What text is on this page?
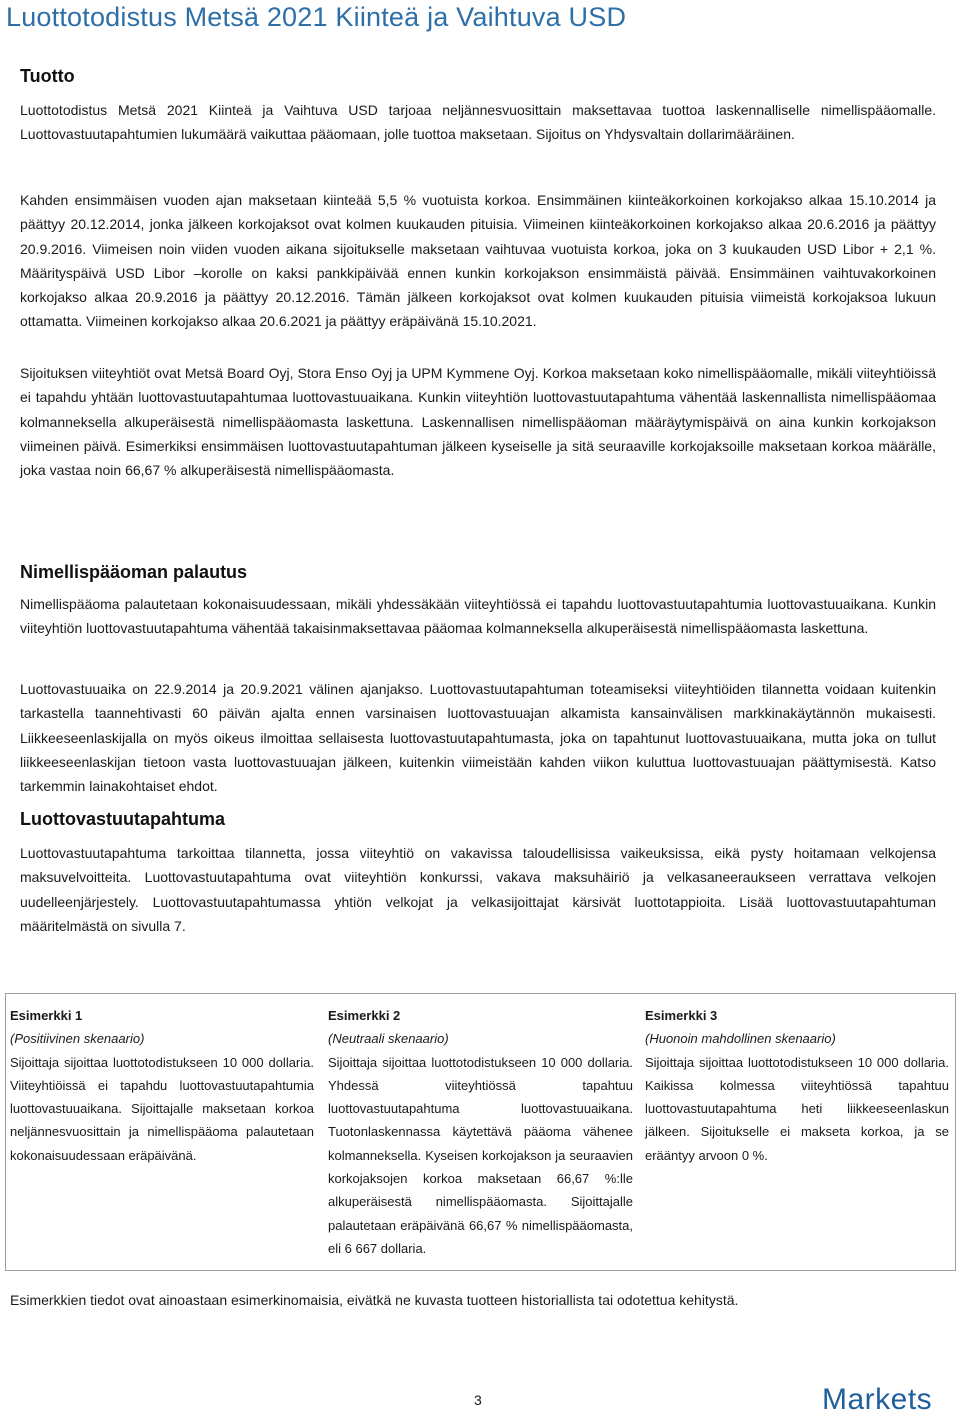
Luottotodistus Metsä 2021 Kiinteä ja Vaihtuva USD
Tuotto

Luottotodistus Metsä 2021 Kiinteä ja Vaihtuva USD tarjoaa neljännesvuosittain maksettavaa tuottoa laskennalliselle nimellispääomalle. Luottovastuutapahtumien lukumäärä vaikuttaa pääomaan, jolle tuottoa maksetaan. Sijoitus on Yhdysvaltain dollarimääräinen.

Kahden ensimmäisen vuoden ajan maksetaan kiinteää 5,5 % vuotuista korkoa. Ensimmäinen kiinteäkorkoinen korkojakso alkaa 15.10.2014 ja päättyy 20.12.2014, jonka jälkeen korkojaksot ovat kolmen kuukauden pituisia. Viimeinen kiinteäkorkoinen korkojakso alkaa 20.6.2016 ja päättyy 20.9.2016. Viimeisen noin viiden vuoden aikana sijoitukselle maksetaan vaihtuvaa vuotuista korkoa, joka on 3 kuukauden USD Libor + 2,1 %. Määrityspäivä USD Libor –korolle on kaksi pankkipäivää ennen kunkin korkojakson ensimmäistä päivää. Ensimmäinen vaihtuvakorkoinen korkojakso alkaa 20.9.2016 ja päättyy 20.12.2016. Tämän jälkeen korkojaksot ovat kolmen kuukauden pituisia viimeistä korkojaksoa lukuun ottamatta. Viimeinen korkojakso alkaa 20.6.2021 ja päättyy eräpäivänä 15.10.2021.

Sijoituksen viiteyhtiöt ovat Metsä Board Oyj, Stora Enso Oyj ja UPM Kymmene Oyj. Korkoa maksetaan koko nimellispääomalle, mikäli viiteyhtiöissä ei tapahdu yhtään luottovastuutapahtumaa luottovastuuaikana. Kunkin viiteyhtiön luottovastuutapahtuma vähentää laskennallista nimellispääomaa kolmanneksella alkuperäisestä nimellispääomasta laskettuna. Laskennallisen nimellispääoman määräytymispäivä on aina kunkin korkojakson viimeinen päivä. Esimerkiksi ensimmäisen luottovastuutapahtuman jälkeen kyseiselle ja sitä seuraaville korkojaksoille maksetaan korkoa määrälle, joka vastaa noin 66,67 % alkuperäisestä nimellispääomasta.

Nimellispääoman palautus

Nimellispääoma palautetaan kokonaisuudessaan, mikäli yhdessäkään viiteyhtiössä ei tapahdu luottovastuutapahtumia luottovastuuaikana. Kunkin viiteyhtiön luottovastuutapahtuma vähentää takaisinmaksettavaa pääomaa kolmanneksella alkuperäisestä nimellispääomasta laskettuna.

Luottovastuuaika on 22.9.2014 ja 20.9.2021 välinen ajanjakso. Luottovastuutapahtuman toteamiseksi viiteyhtiöiden tilannetta voidaan kuitenkin tarkastella taannehtivasti 60 päivän ajalta ennen varsinaisen luottovastuuajan alkamista kansainvälisen markkinakäytännön mukaisesti. Liikkeeseenlaskijalla on myös oikeus ilmoittaa sellaisesta luottovastuutapahtumasta, joka on tapahtunut luottovastuuaikana, mutta joka on tullut liikkeeseenlaskijan tietoon vasta luottovastuuajan jälkeen, kuitenkin viimeistään kahden viikon kuluttua luottovastuuajan päättymisestä. Katso tarkemmin lainakohtaiset ehdot.

Luottovastuutapahtuma

Luottovastuutapahtuma tarkoittaa tilannetta, jossa viiteyhtiö on vakavissa taloudellisissa vaikeuksissa, eikä pysty hoitamaan velkojensa maksuvelvoitteita. Luottovastuutapahtuma ovat viiteyhtiön konkurssi, vakava maksuhäiriö ja velkasaneeraukseen verrattava velkojen uudelleenjärjestely. Luottovastuutapahtumassa yhtiön velkojat ja velkasijoittajat kärsivät luottotappioita. Lisää luottovastuutapahtuman määritelmästä on sivulla 7.

Esimerkki 1

(Positiivinen skenaario)

Sijoittaja sijoittaa luottotodistukseen 10 000 dollaria. Viiteyhtiöissä ei tapahdu luottovastuutapahtumia luottovastuuaikana. Sijoittajalle maksetaan korkoa neljännesvuosittain ja nimellispääoma palautetaan kokonaisuudessaan eräpäivänä.

Esimerkki 2

(Neutraali skenaario)

Sijoittaja sijoittaa luottotodistukseen 10 000 dollaria. Yhdessä viiteyhtiössä tapahtuu luottovastuutapahtuma luottovastuuaikana. Tuotonlaskennassa käytettävä pääoma vähenee kolmanneksella. Kyseisen korkojakson ja seuraavien korkojaksojen korkoa maksetaan 66,67 %:lle alkuperäisestä nimellispääomasta. Sijoittajalle palautetaan eräpäivänä 66,67 % nimellispääomasta, eli 6 667 dollaria.

Esimerkki 3

(Huonoin mahdollinen skenaario)

Sijoittaja sijoittaa luottotodistukseen 10 000 dollaria. Kaikissa kolmessa viiteyhtiössä tapahtuu luottovastuutapahtuma heti liikkeeseenlaskun jälkeen. Sijoitukselle ei makseta korkoa, ja se erääntyy arvoon 0 %.

Esimerkkien tiedot ovat ainoastaan esimerkinomaisia, eivätkä ne kuvasta tuotteen historiallista tai odotettua kehitystä.

3	Markets
